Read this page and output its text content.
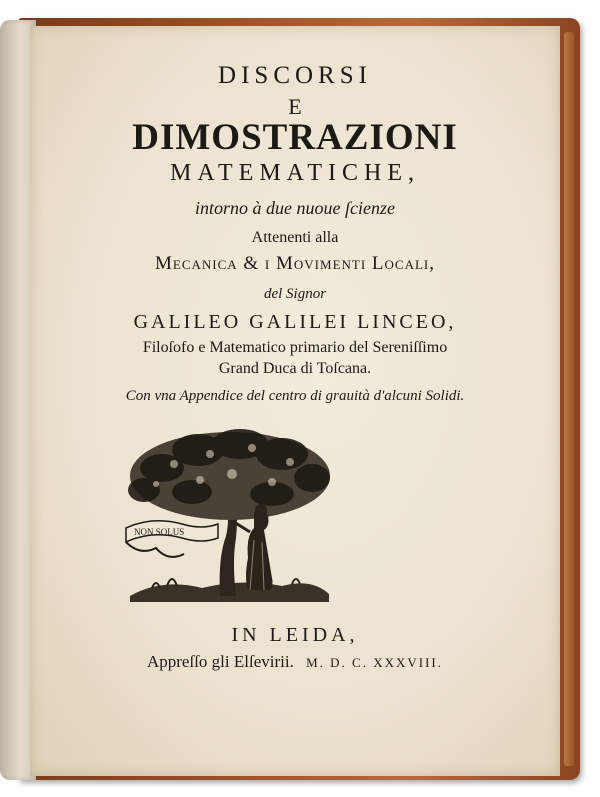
DISCORSI
E
DIMOSTRAZIONI
MATEMATICHE,
intorno à due nuoue ſcienze
Attenenti alla
Mecanica & i Movimenti Locali,
del Signor
GALILEO GALILEI LINCEO,
Filoſofo e Matematico primario del Sereniſſimo
Grand Duca di Toſcana.
Con vna Appendice del centro di grauità d'alcuni Solidi.
NON SOLUS
IN LEIDA,
Appreſſo gli Elſevirii. M. D. C. XXXVIII.
